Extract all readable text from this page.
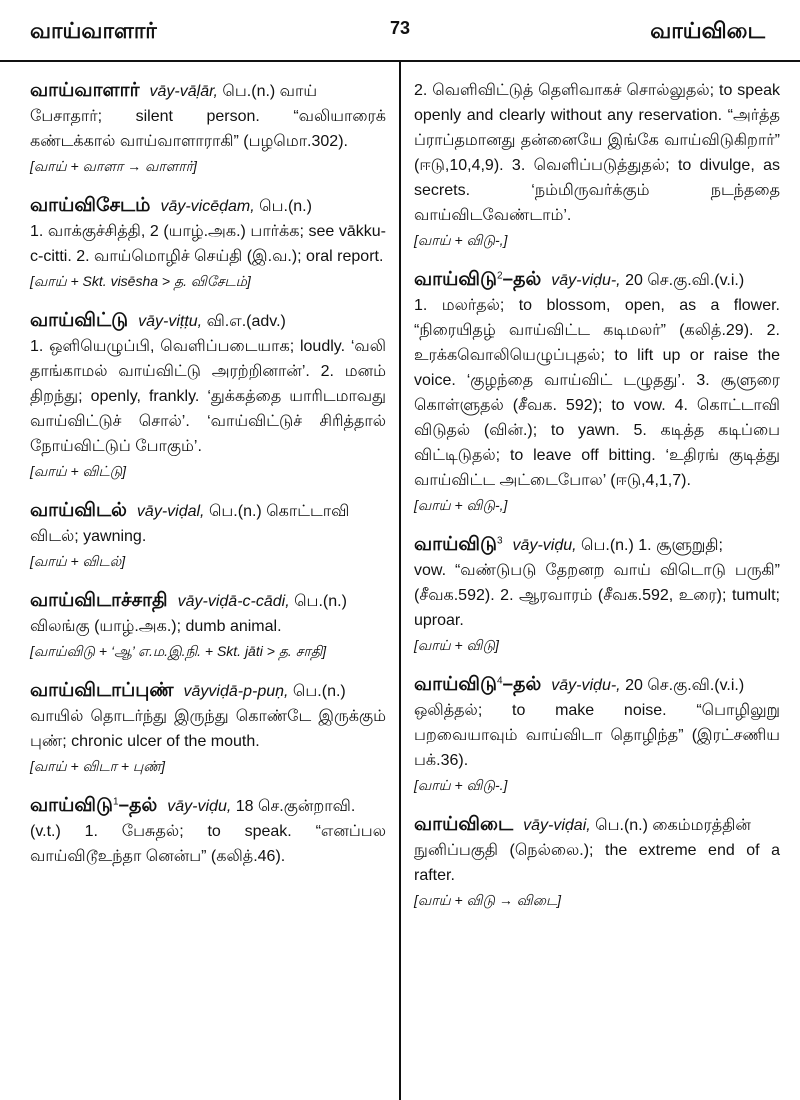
வாய்வாளார்	73	வாய்விடை

வாய்வாளார் vāy-vāḷār, பெ.(n.) வாய்

பேசாதார்; silent person. “வலியாரைக் கண்டக்கால் வாய்வாளாராகி” (பழமொ.302).

[வாய் + வாளா → வாளார்]

வாய்விசேடம் vāy-vicēḍam, பெ.(n.)

1. வாக்குச்சித்தி, 2 (யாழ்.அக.) பார்க்க; see vākku-c-citti. 2. வாய்மொழிச் செய்தி (இ.வ.); oral report.

[வாய் + Skt. visēsha > த. விசேடம்]

வாய்விட்டு vāy-viṭṭu, வி.எ.(adv.)

1. ஒளியெழுப்பி, வெளிப்படையாக; loudly. ‘வலி தாங்காமல் வாய்விட்டு அரற்றினான்’. 2. மனம் திறந்து; openly, frankly. ‘துக்கத்தை யாரிடமாவது வாய்விட்டுச் சொல்’. ‘வாய்விட்டுச் சிரித்தால் நோய்விட்டுப் போகும்’.

[வாய் + விட்டு]

வாய்விடல் vāy-viḍal, பெ.(n.) கொட்டாவி

விடல்; yawning.

[வாய் + விடல்]

வாய்விடாச்சாதி vāy-viḍā-c-cādi, பெ.(n.)

விலங்கு (யாழ்.அக.); dumb animal.

[வாய்விடு + ‘ஆ’ எ.ம.இ.நி. + Skt. jāti > த. சாதி]

வாய்விடாப்புண் vāyviḍā-p-puṇ, பெ.(n.)

வாயில் தொடர்ந்து இருந்து கொண்டே இருக்கும் புண்; chronic ulcer of the mouth.

[வாய் + விடா + புண்]

வாய்விடு$^1$–தல் vāy-viḍu, 18 செ.குன்றாவி.

(v.t.) 1. பேசுதல்; to speak. “எனப்பல வாய்விடூஉந்தா னென்ப” (கலித்.46).

2. வெளிவிட்டுத் தெளிவாகச் சொல்லுதல்; to speak openly and clearly without any reservation. “அர்த்த ப்ராப்தமானது தன்னையே இங்கே வாய்விடுகிறார்” (ஈடு,10,4,9). 3. வெளிப்படுத்துதல்; to divulge, as secrets. ‘நம்மிருவர்க்கும் நடந்ததை வாய்விடவேண்டாம்’.

[வாய் + விடு-,]

வாய்விடு$^2$–தல் vāy-viḍu-, 20 செ.கு.வி.(v.i.)

1. மலர்தல்; to blossom, open, as a flower. “நிரையிதழ் வாய்விட்ட கடிமலர்” (கலித்.29). 2. உரக்கவொலியெழுப்புதல்; to lift up or raise the voice. ‘குழந்தை வாய்விட் டழுதது’. 3. சூளுரை கொள்ளுதல் (சீவக. 592); to vow. 4. கொட்டாவி விடுதல் (வின்.); to yawn. 5. கடித்த கடிப்பை விட்டிடுதல்; to leave off bitting. ‘உதிரங் குடித்து வாய்விட்ட அட்டைபோல’ (ஈடு,4,1,7).

[வாய் + விடு-,]

வாய்விடு$^3$ vāy-viḍu, பெ.(n.) 1. சூளுறுதி;

vow. “வண்டுபடு தேறனற வாய் விடொடு பருகி” (சீவக.592). 2. ஆரவாரம் (சீவக.592, உரை); tumult; uproar.

[வாய் + விடு]

வாய்விடு$^4$–தல் vāy-viḍu-, 20 செ.கு.வி.(v.i.)

ஒலித்தல்; to make noise. “பொழிலுறு பறவையாவும் வாய்விடா தொழிந்த” (இரட்சணிய பக்.36).

[வாய் + விடு-.]

வாய்விடை vāy-viḍai, பெ.(n.) கைம்மரத்தின்

நுனிப்பகுதி (நெல்லை.); the extreme end of a rafter.

[வாய் + விடு → விடை]
